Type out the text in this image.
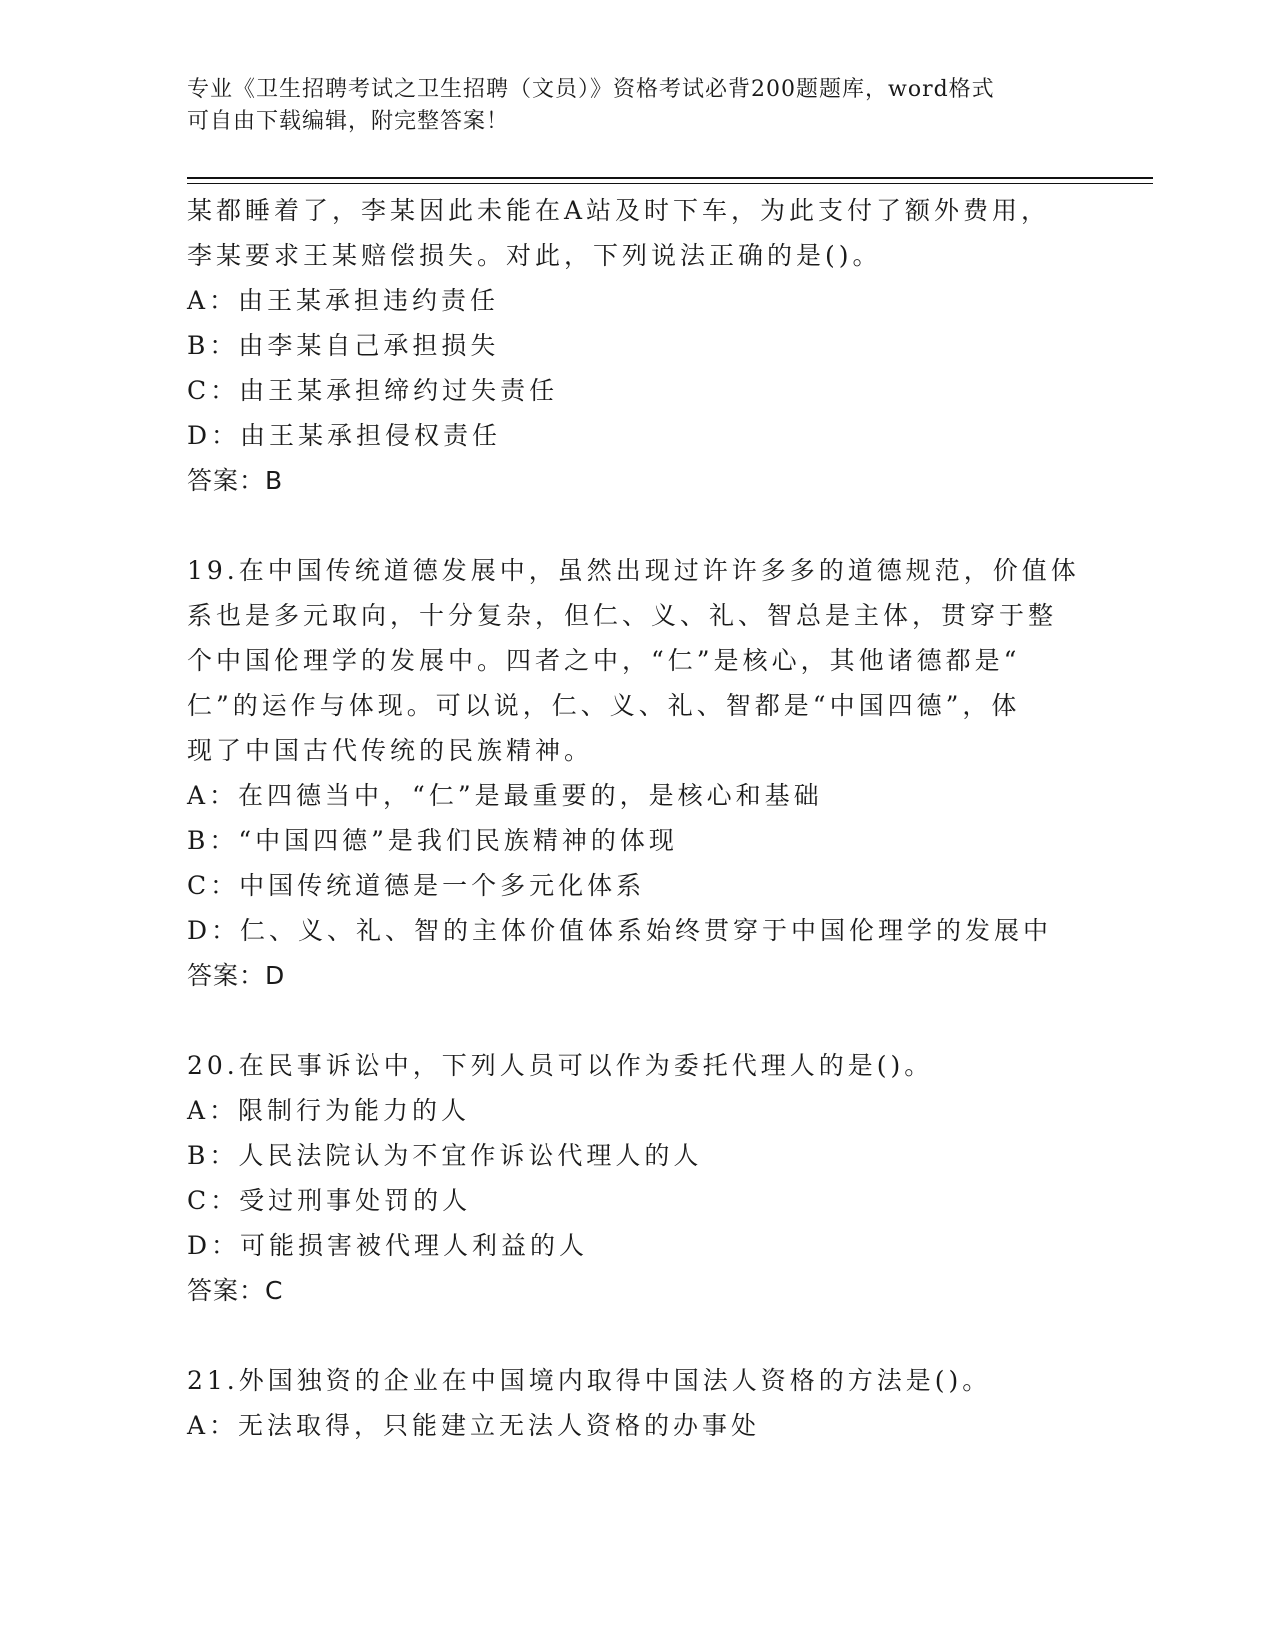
专业《卫生招聘考试之卫生招聘（文员）》资格考试必背200题题库，word格式
可自由下载编辑，附完整答案！
某都睡着了，李某因此未能在A站及时下车，为此支付了额外费用，
李某要求王某赔偿损失。对此，下列说法正确的是()。
A：由王某承担违约责任
B：由李某自己承担损失
C：由王某承担缔约过失责任
D：由王某承担侵权责任
答案：B
19.在中国传统道德发展中，虽然出现过许许多多的道德规范，价值体
系也是多元取向，十分复杂，但仁、义、礼、智总是主体，贯穿于整
个中国伦理学的发展中。四者之中，“仁”是核心，其他诸德都是“
仁”的运作与体现。可以说，仁、义、礼、智都是“中国四德”，体
现了中国古代传统的民族精神。
A：在四德当中，“仁”是最重要的，是核心和基础
B：“中国四德”是我们民族精神的体现
C：中国传统道德是一个多元化体系
D：仁、义、礼、智的主体价值体系始终贯穿于中国伦理学的发展中
答案：D
20.在民事诉讼中，下列人员可以作为委托代理人的是()。
A：限制行为能力的人
B：人民法院认为不宜作诉讼代理人的人
C：受过刑事处罚的人
D：可能损害被代理人利益的人
答案：C
21.外国独资的企业在中国境内取得中国法人资格的方法是()。
A：无法取得，只能建立无法人资格的办事处
